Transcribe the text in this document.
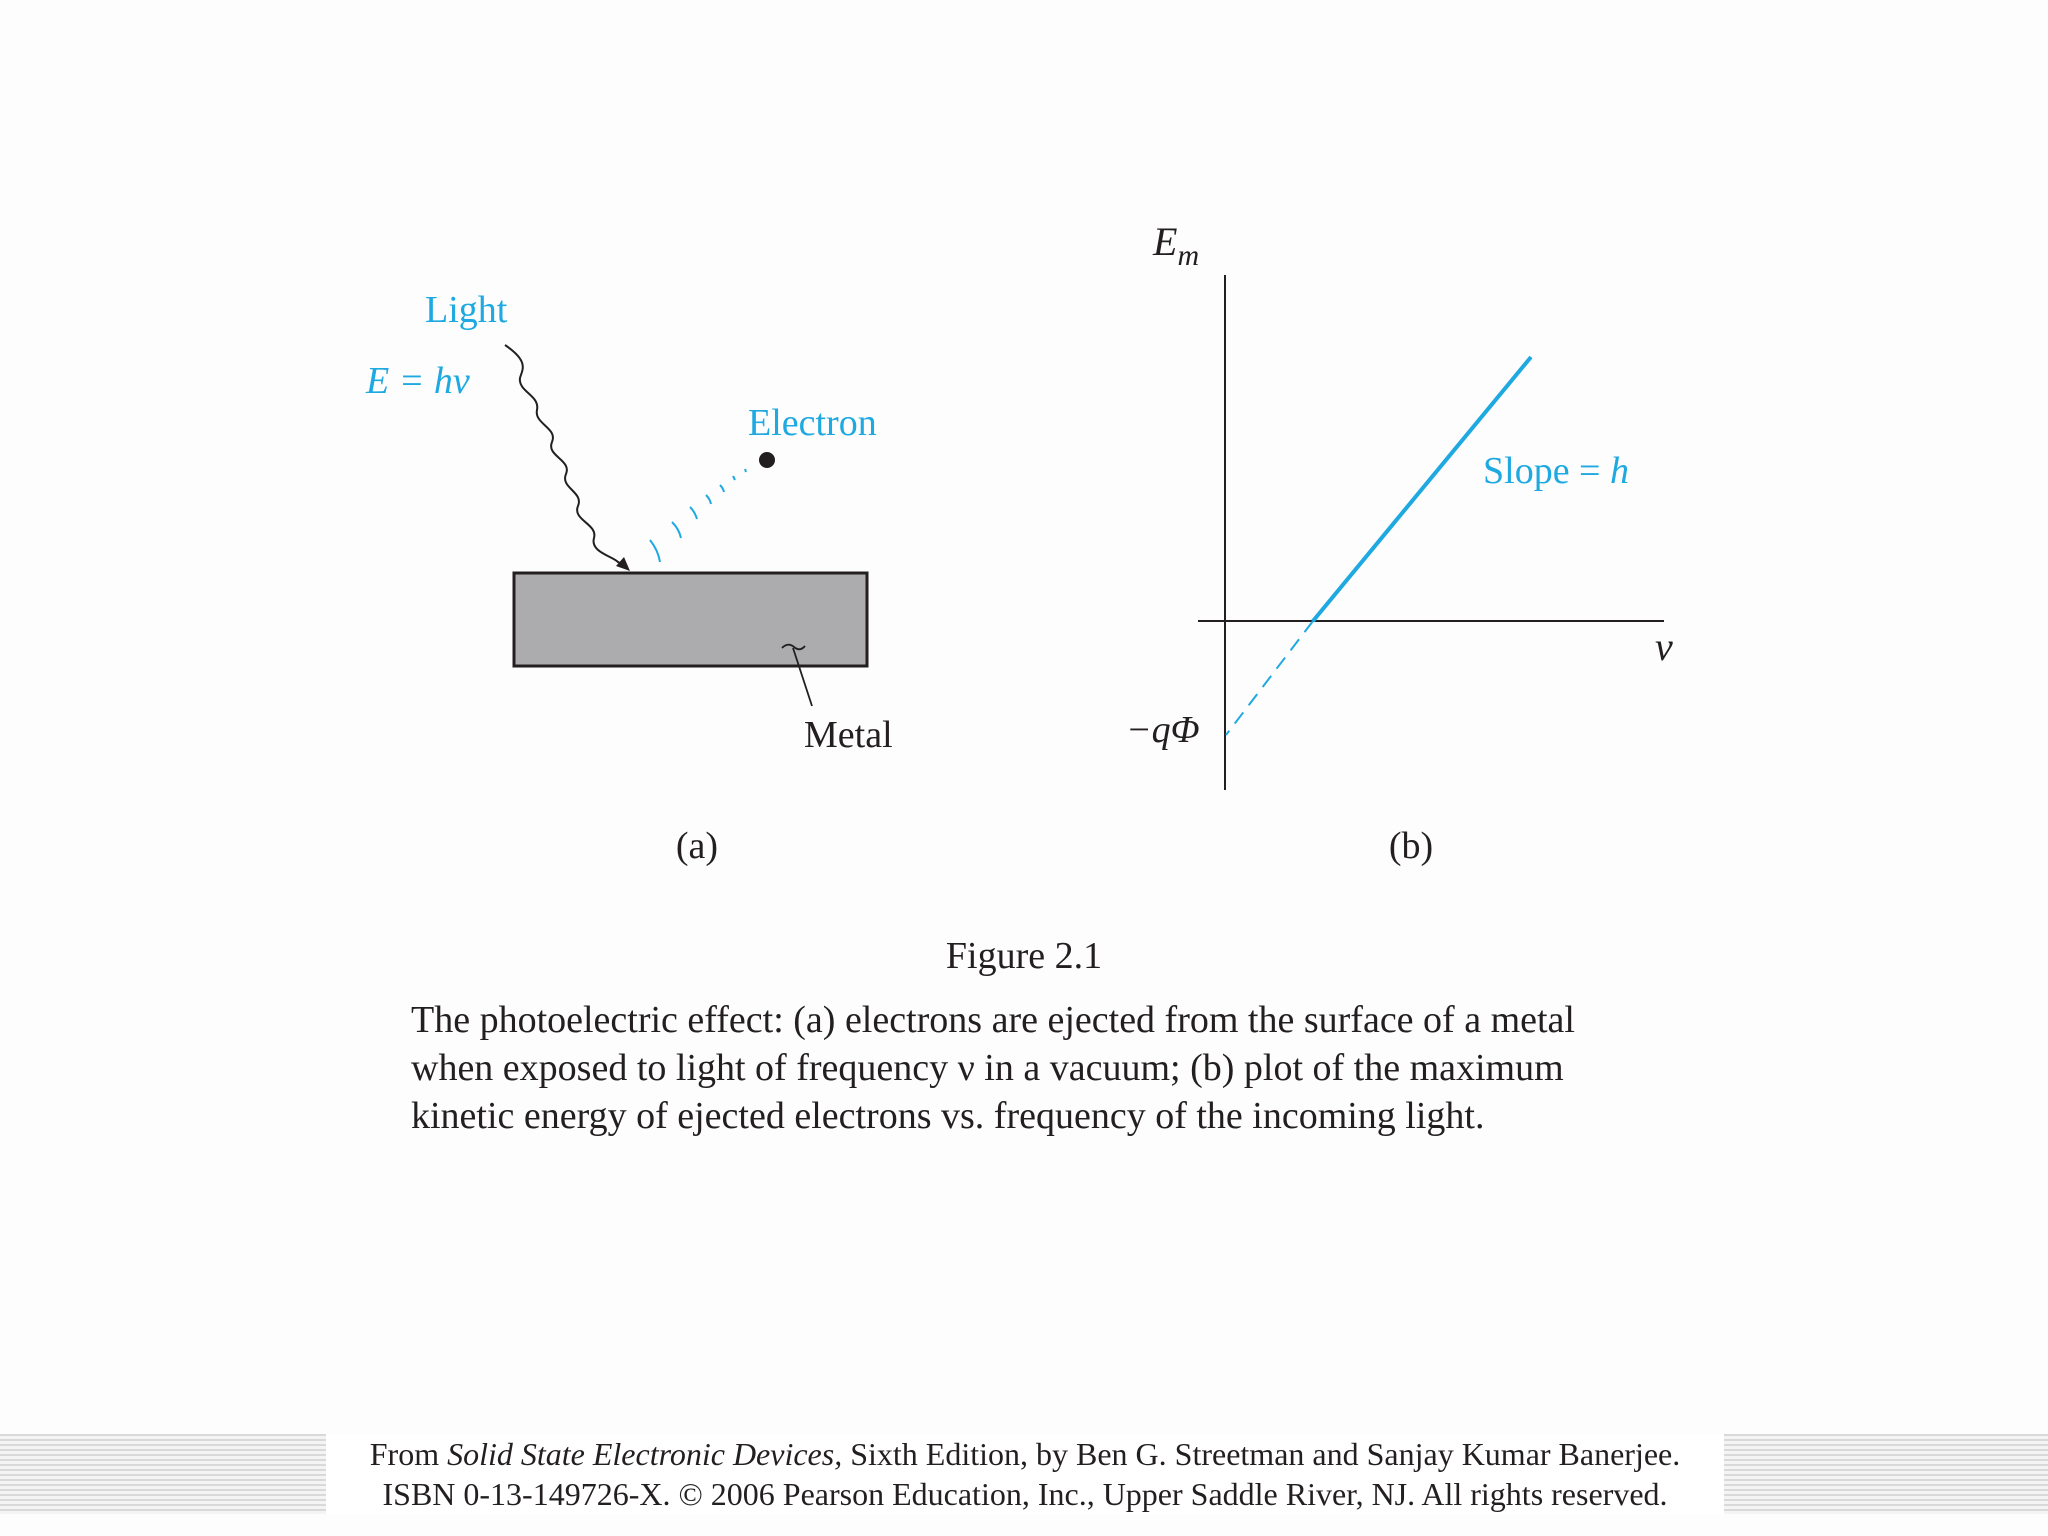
Light
E = hν
Electron
Metal
(a)
$E_m$
ν
−qΦ
Slope = h
(b)
Figure 2.1
The photoelectric effect: (a) electrons are ejected from the surface of a metal
when exposed to light of frequency ν in a vacuum; (b) plot of the maximum
kinetic energy of ejected electrons vs. frequency of the incoming light.
From Solid State Electronic Devices, Sixth Edition, by Ben G. Streetman and Sanjay Kumar Banerjee.
ISBN 0-13-149726-X. © 2006 Pearson Education, Inc., Upper Saddle River, NJ. All rights reserved.
